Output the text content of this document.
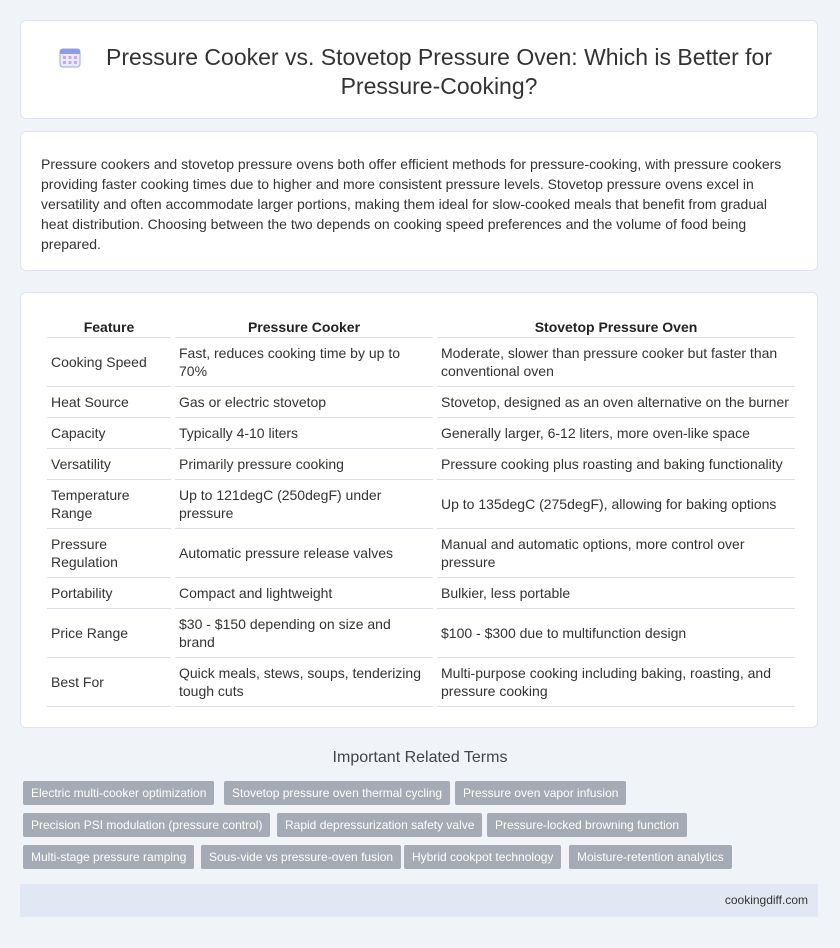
Pressure Cooker vs. Stovetop Pressure Oven: Which is Better for Pressure-Cooking?

Pressure cookers and stovetop pressure ovens both offer efficient methods for pressure-cooking, with pressure cookers providing faster cooking times due to higher and more consistent pressure levels. Stovetop pressure ovens excel in versatility and often accommodate larger portions, making them ideal for slow-cooked meals that benefit from gradual heat distribution. Choosing between the two depends on cooking speed preferences and the volume of food being prepared.

Feature	Pressure Cooker	Stovetop Pressure Oven
Cooking Speed	Fast, reduces cooking time by up to 70%	Moderate, slower than pressure cooker but faster than conventional oven
Heat Source	Gas or electric stovetop	Stovetop, designed as an oven alternative on the burner
Capacity	Typically 4-10 liters	Generally larger, 6-12 liters, more oven-like space
Versatility	Primarily pressure cooking	Pressure cooking plus roasting and baking functionality
Temperature Range	Up to 121degC (250degF) under pressure	Up to 135degC (275degF), allowing for baking options
Pressure Regulation	Automatic pressure release valves	Manual and automatic options, more control over pressure
Portability	Compact and lightweight	Bulkier, less portable
Price Range	$30 - $150 depending on size and brand	$100 - $300 due to multifunction design
Best For	Quick meals, stews, soups, tenderizing tough cuts	Multi-purpose cooking including baking, roasting, and pressure cooking
Important Related Terms
Electric multi-cooker optimization	Stovetop pressure oven thermal cycling	Pressure oven vapor infusion
Precision PSI modulation (pressure control)	Rapid depressurization safety valve	Pressure-locked browning function
Multi-stage pressure ramping	Sous-vide vs pressure-oven fusion	Hybrid cookpot technology	Moisture-retention analytics
cookingdiff.com
